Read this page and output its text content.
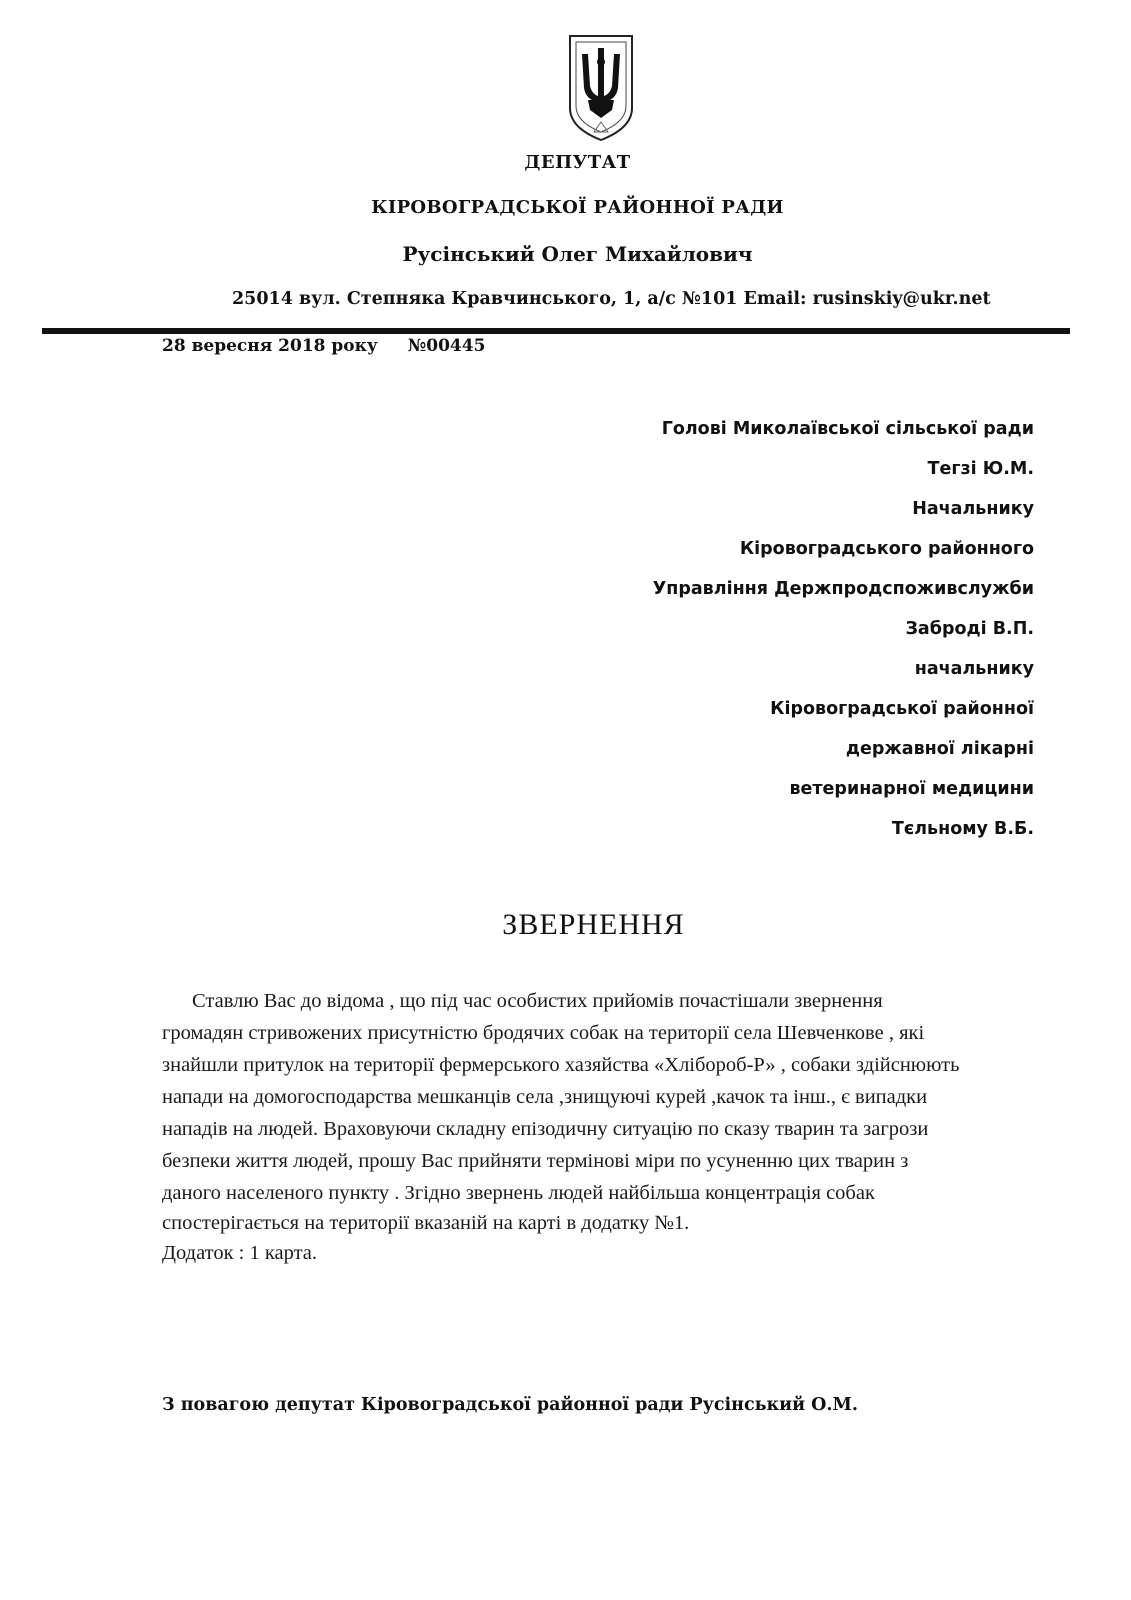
ДЕПУТАТ
КІРОВОГРАДСЬКОЇ РАЙОННОЇ РАДИ
Русінський Олег Михайлович
25014 вул. Степняка Кравчинського, 1, а/с №101 Email: rusinskiy@ukr.net
28 вересня 2018 року №00445
Голові Миколаївської сільської ради
Тегзі Ю.М.
Начальнику
Кіровоградського районного
Управління Держпродспоживслужби
Заброді В.П.
начальнику
Кіровоградської районної
державної лікарні
ветеринарної медицини
Тєльному В.Б.
ЗВЕРНЕННЯ
Ставлю Вас до відома , що під час особистих прийомів почастішали звернення
громадян стривожених присутністю бродячих собак на території села Шевченкове , які
знайшли притулок на території фермерського хазяйства «Хлібороб-Р» , собаки здійснюють
напади на домогосподарства мешканців села ,знищуючі курей ,качок та інш., є випадки
нападів на людей. Враховуючи складну епізодичну ситуацію по сказу тварин та загрози
безпеки життя людей, прошу Вас прийняти термінові міри по усуненню цих тварин з
даного населеного пункту . Згідно звернень людей найбільша концентрація собак
спостерігається на території вказаній на карті в додатку №1.
Додаток : 1 карта.
З повагою депутат Кіровоградської районної ради Русінський О.М.
